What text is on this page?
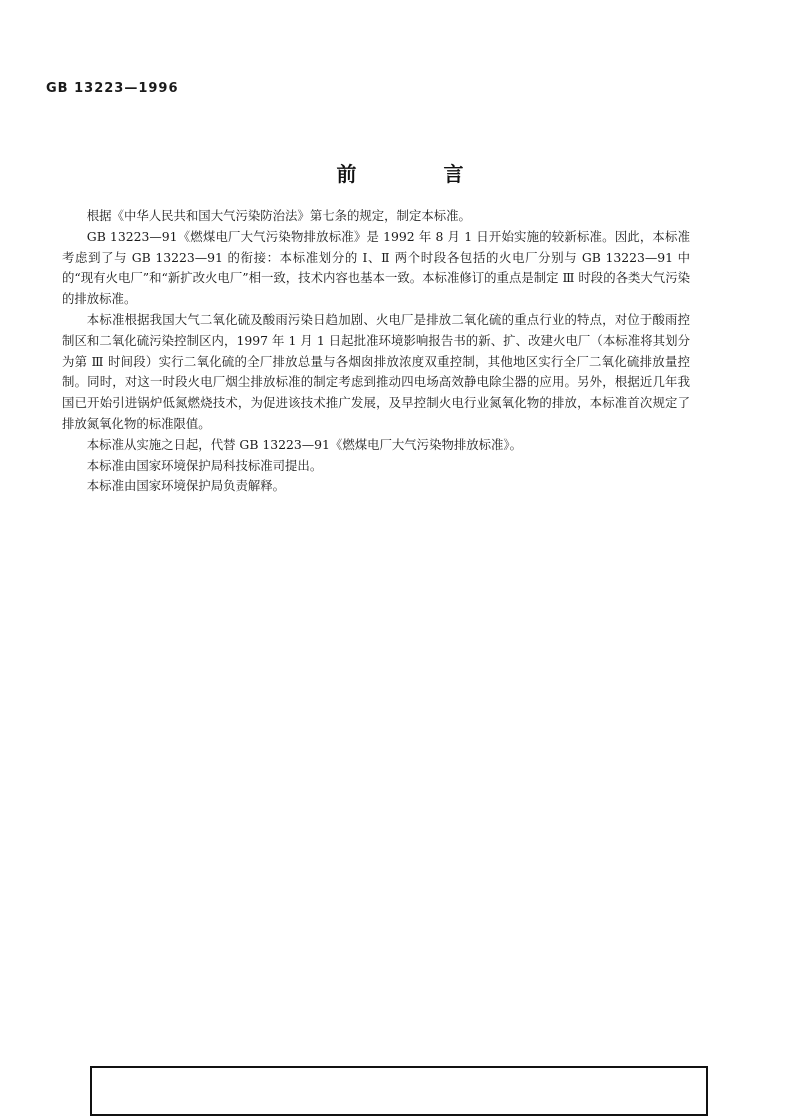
GB 13223—1996
前 言

根据《中华人民共和国大气污染防治法》第七条的规定，制定本标准。

GB 13223—91《燃煤电厂大气污染物排放标准》是 1992 年 8 月 1 日开始实施的较新标准。因此，本标准考虑到了与 GB 13223—91 的衔接：本标准划分的 Ⅰ、Ⅱ 两个时段各包括的火电厂分别与 GB 13223—91 中的“现有火电厂”和“新扩改火电厂”相一致，技术内容也基本一致。本标准修订的重点是制定 Ⅲ 时段的各类大气污染的排放标准。

本标准根据我国大气二氧化硫及酸雨污染日趋加剧、火电厂是排放二氧化硫的重点行业的特点，对位于酸雨控制区和二氧化硫污染控制区内，1997 年 1 月 1 日起批准环境影响报告书的新、扩、改建火电厂（本标准将其划分为第 Ⅲ 时间段）实行二氧化硫的全厂排放总量与各烟囱排放浓度双重控制，其他地区实行全厂二氧化硫排放量控制。同时，对这一时段火电厂烟尘排放标准的制定考虑到推动四电场高效静电除尘器的应用。另外，根据近几年我国已开始引进锅炉低氮燃烧技术，为促进该技术推广发展，及早控制火电行业氮氧化物的排放，本标准首次规定了排放氮氧化物的标准限值。

本标准从实施之日起，代替 GB 13223—91《燃煤电厂大气污染物排放标准》。

本标准由国家环境保护局科技标准司提出。

本标准由国家环境保护局负责解释。
